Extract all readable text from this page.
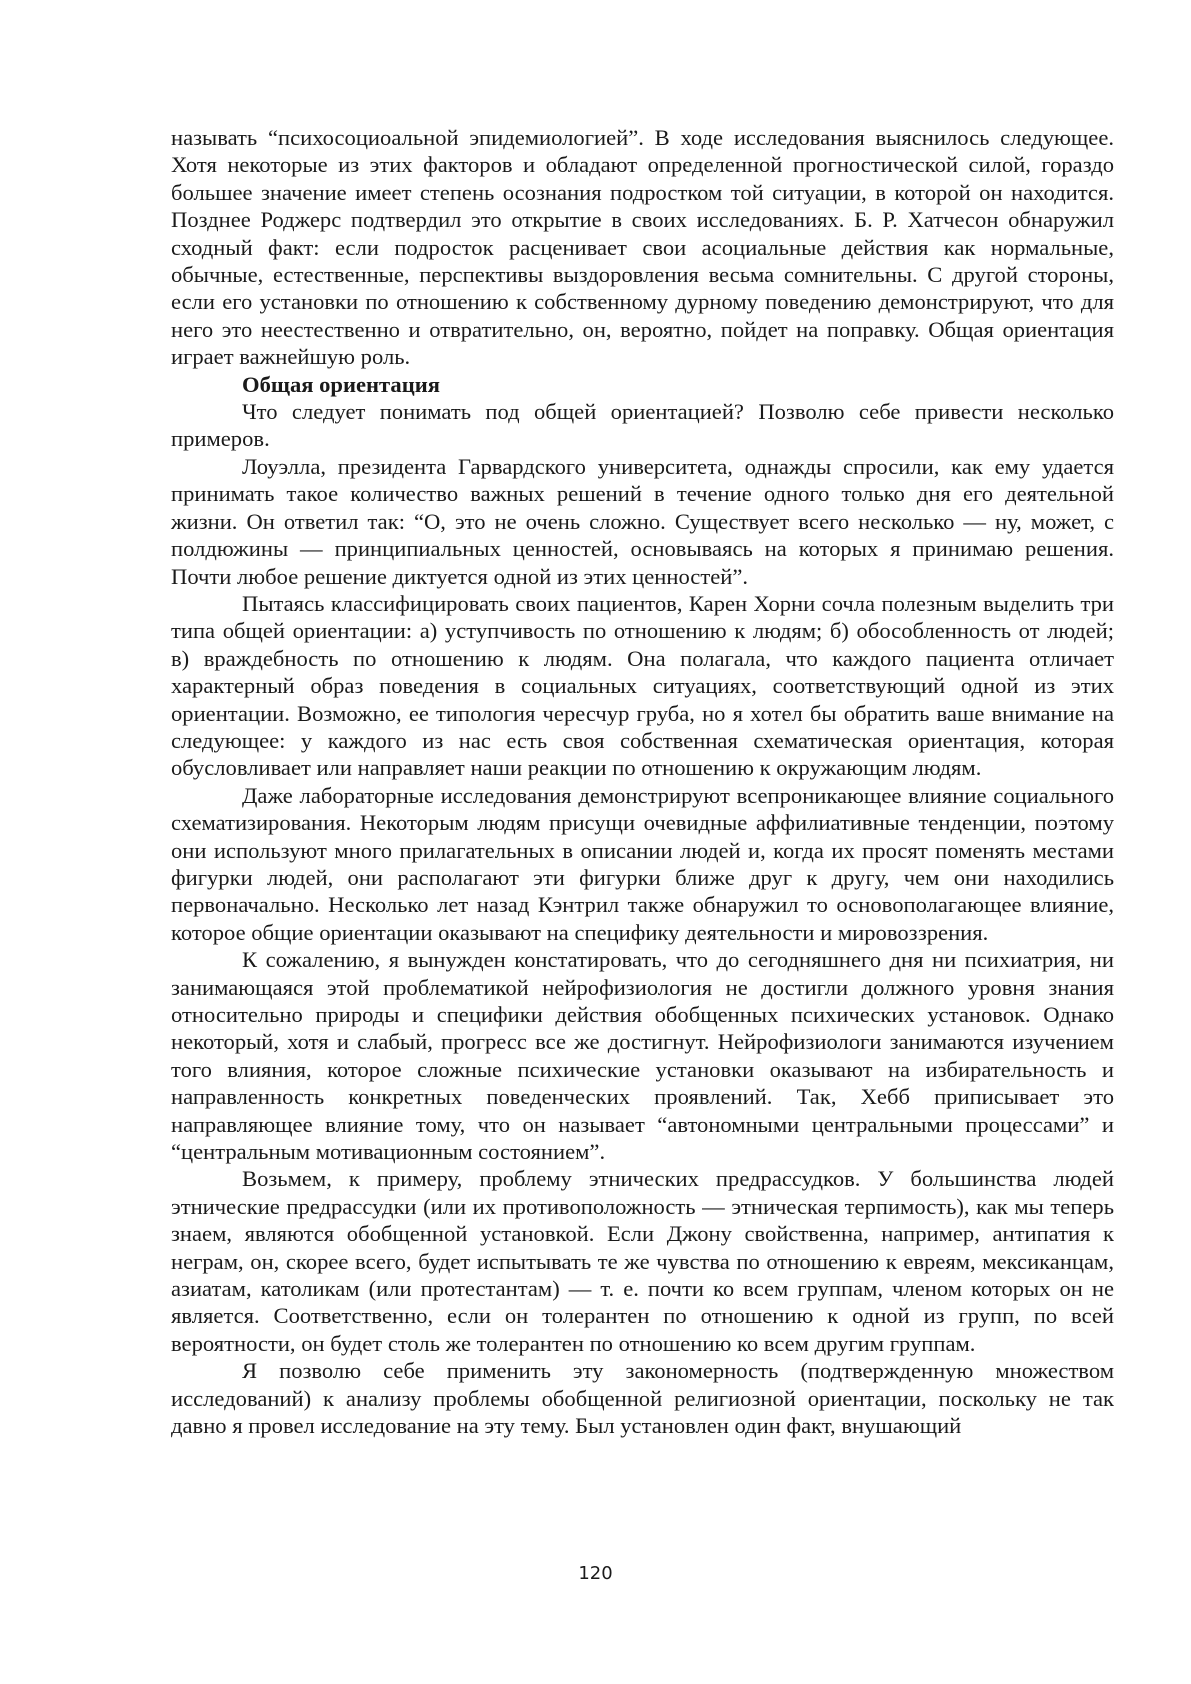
называть “психосоциоальной эпидемиологией”. В ходе исследования выяснилось следующее. Хотя некоторые из этих факторов и обладают определенной прогностической силой, гораздо большее значение имеет степень осознания подростком той ситуации, в которой он находится. Позднее Роджерс подтвердил это открытие в своих исследованиях. Б. Р. Хатчесон обнаружил сходный факт: если подросток расценивает свои асоциальные действия как нормальные, обычные, естественные, перспективы выздоровления весьма сомнительны. С другой стороны, если его установки по отношению к собственному дурному поведению демонстрируют, что для него это неестественно и отвратительно, он, вероятно, пойдет на поправку. Общая ориентация играет важнейшую роль.

Общая ориентация

Что следует понимать под общей ориентацией? Позволю себе привести несколько примеров.

Лоуэлла, президента Гарвардского университета, однажды спросили, как ему удается принимать такое количество важных решений в течение одного только дня его деятельной жизни. Он ответил так: “О, это не очень сложно. Существует всего несколько — ну, может, с полдюжины — принципиальных ценностей, основываясь на которых я принимаю решения. Почти любое решение диктуется одной из этих ценностей”.

Пытаясь классифицировать своих пациентов, Карен Хорни сочла полезным выделить три типа общей ориентации: а) уступчивость по отношению к людям; б) обособленность от людей; в) враждебность по отношению к людям. Она полагала, что каждого пациента отличает характерный образ поведения в социальных ситуациях, соответствующий одной из этих ориентации. Возможно, ее типология чересчур груба, но я хотел бы обратить ваше внимание на следующее: у каждого из нас есть своя собственная схематическая ориентация, которая обусловливает или направляет наши реакции по отношению к окружающим людям.

Даже лабораторные исследования демонстрируют всепроникающее влияние социального схематизирования. Некоторым людям присущи очевидные аффилиативные тенденции, поэтому они используют много прилагательных в описании людей и, когда их просят поменять местами фигурки людей, они располагают эти фигурки ближе друг к другу, чем они находились первоначально. Несколько лет назад Кэнтрил также обнаружил то основополагающее влияние, которое общие ориентации оказывают на специфику деятельности и мировоззрения.

К сожалению, я вынужден констатировать, что до сегодняшнего дня ни психиатрия, ни занимающаяся этой проблематикой нейрофизиология не достигли должного уровня знания относительно природы и специфики действия обобщенных психических установок. Однако некоторый, хотя и слабый, прогресс все же достигнут. Нейрофизиологи занимаются изучением того влияния, которое сложные психические установки оказывают на избирательность и направленность конкретных поведенческих проявлений. Так, Хебб приписывает это направляющее влияние тому, что он называет “автономными центральными процессами” и “центральным мотивационным состоянием”.

Возьмем, к примеру, проблему этнических предрассудков. У большинства людей этнические предрассудки (или их противоположность — этническая терпимость), как мы теперь знаем, являются обобщенной установкой. Если Джону свойственна, например, антипатия к неграм, он, скорее всего, будет испытывать те же чувства по отношению к евреям, мексиканцам, азиатам, католикам (или протестантам) — т. е. почти ко всем группам, членом которых он не является. Соответственно, если он толерантен по отношению к одной из групп, по всей вероятности, он будет столь же толерантен по отношению ко всем другим группам.

Я позволю себе применить эту закономерность (подтвержденную множеством исследований) к анализу проблемы обобщенной религиозной ориентации, поскольку не так давно я провел исследование на эту тему. Был установлен один факт, внушающий

120
